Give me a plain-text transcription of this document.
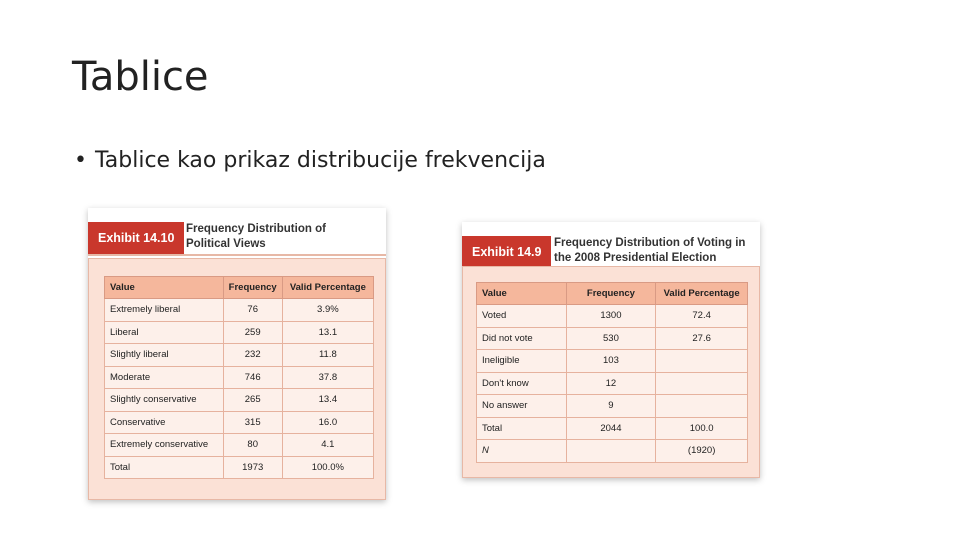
Tablice
• Tablice kao prikaz distribucije frekvencija
Exhibit 14.10
Frequency Distribution of
Political Views
Value	Frequency	Valid Percentage
Extremely liberal	76	3.9%
Liberal	259	13.1
Slightly liberal	232	11.8
Moderate	746	37.8
Slightly conservative	265	13.4
Conservative	315	16.0
Extremely conservative	80	4.1
Total	1973	100.0%
Exhibit 14.9
Frequency Distribution of Voting in
the 2008 Presidential Election
Value	Frequency	Valid Percentage
Voted	1300	72.4
Did not vote	530	27.6
Ineligible	103	
Don't know	12	
No answer	9	
Total	2044	100.0
N		(1920)
